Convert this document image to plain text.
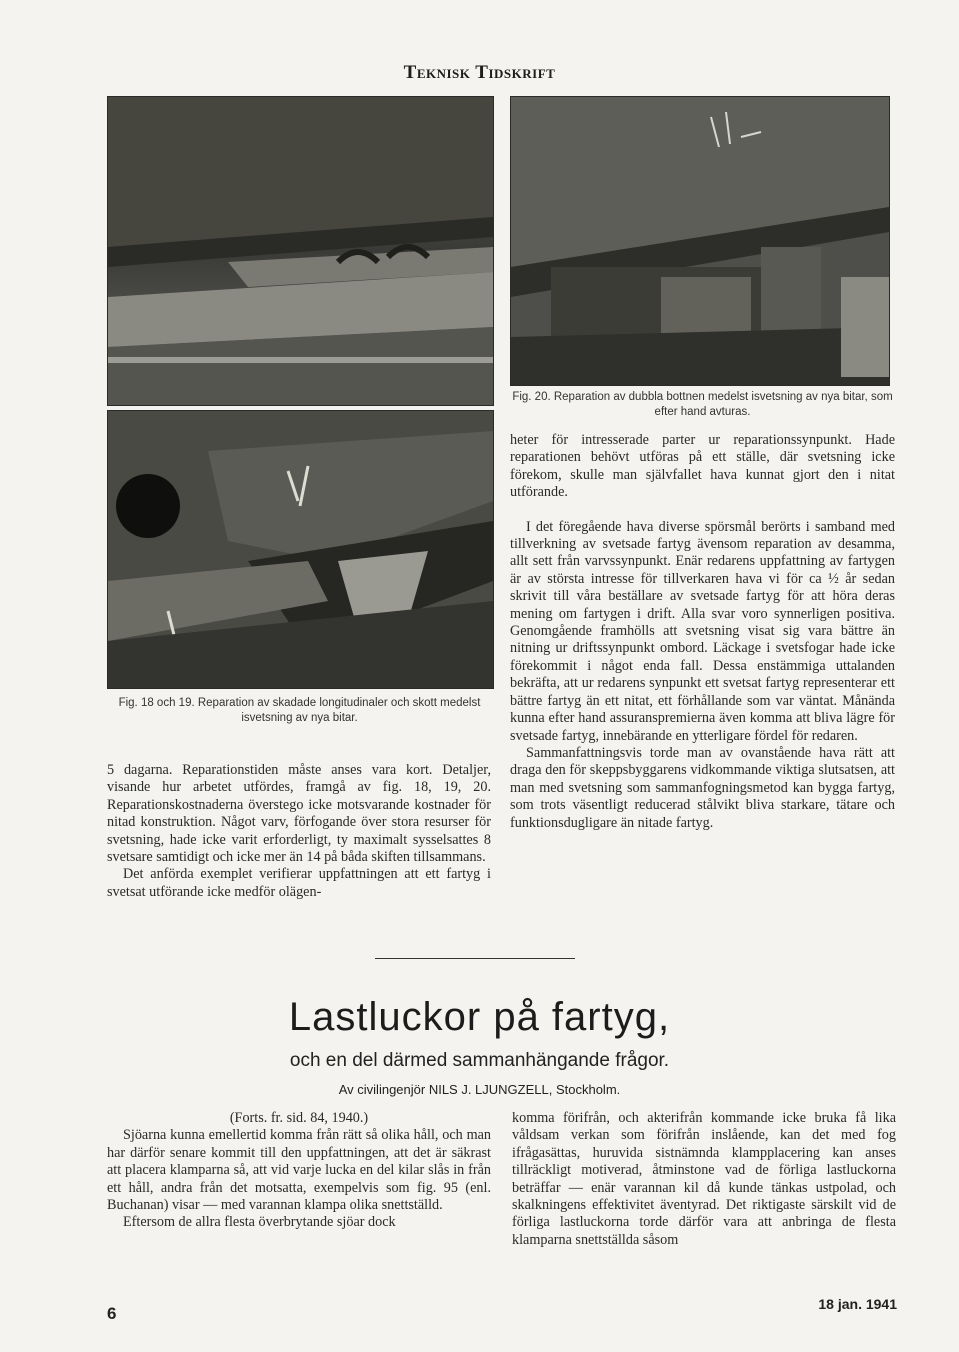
Teknisk Tidskrift
Fig. 20. Reparation av dubbla bottnen medelst isvetsning av nya bitar, som efter hand avturas.
Fig. 18 och 19. Reparation av skadade longitudinaler och skott medelst isvetsning av nya bitar.

5 dagarna. Reparationstiden måste anses vara kort. Detaljer, visande hur arbetet utfördes, framgå av fig. 18, 19, 20. Reparationskostnaderna överstego icke motsvarande kostnader för nitad konstruktion. Något varv, förfogande över stora resurser för svetsning, hade icke varit erforderligt, ty maximalt sysselsattes 8 svetsare samtidigt och icke mer än 14 på båda skiften tillsammans.

Det anförda exemplet verifierar uppfattningen att ett fartyg i svetsat utförande icke medför olägen-

heter för intresserade parter ur reparationssynpunkt. Hade reparationen behövt utföras på ett ställe, där svetsning icke förekom, skulle man självfallet hava kunnat gjort den i nitat utförande.

I det föregående hava diverse spörsmål berörts i samband med tillverkning av svetsade fartyg ävensom reparation av desamma, allt sett från varvssynpunkt. Enär redarens uppfattning av fartygen är av största intresse för tillverkaren hava vi för ca ½ år sedan skrivit till våra beställare av svetsade fartyg för att höra deras mening om fartygen i drift. Alla svar voro synnerligen positiva. Genomgående framhölls att svetsning visat sig vara bättre än nitning ur driftssynpunkt ombord. Läckage i svetsfogar hade icke förekommit i något enda fall. Dessa enstämmiga uttalanden bekräfta, att ur redarens synpunkt ett svetsat fartyg representerar ett bättre fartyg än ett nitat, ett förhållande som var väntat. Månända kunna efter hand assuranspremierna även komma att bliva lägre för svetsade fartyg, innebärande en ytterligare fördel för redaren.

Sammanfattningsvis torde man av ovanstående hava rätt att draga den för skeppsbyggarens vidkommande viktiga slutsatsen, att man med svetsning som sammanfogningsmetod kan bygga fartyg, som trots väsentligt reducerad stålvikt bliva starkare, tätare och funktionsdugligare än nitade fartyg.

Lastluckor på fartyg,
och en del därmed sammanhängande frågor.
Av civilingenjör NILS J. LJUNGZELL, Stockholm.

(Forts. fr. sid. 84, 1940.)

Sjöarna kunna emellertid komma från rätt så olika håll, och man har därför senare kommit till den uppfattningen, att det är säkrast att placera klamparna så, att vid varje lucka en del kilar slås in från ett håll, andra från det motsatta, exempelvis som fig. 95 (enl. Buchanan) visar — med varannan klampa olika snettställd.

Eftersom de allra flesta överbrytande sjöar dock

komma förifrån, och akterifrån kommande icke bruka få lika våldsam verkan som förifrån inslående, kan det med fog ifrågasättas, huruvida sistnämnda klampplacering kan anses tillräckligt motiverad, åtminstone vad de förliga lastluckorna beträffar — enär varannan kil då kunde tänkas ustpolad, och skalkningens effektivitet äventyrad. Det riktigaste särskilt vid de förliga lastluckorna torde därför vara att anbringa de flesta klamparna snettställda såsom

6	18 jan. 1941
